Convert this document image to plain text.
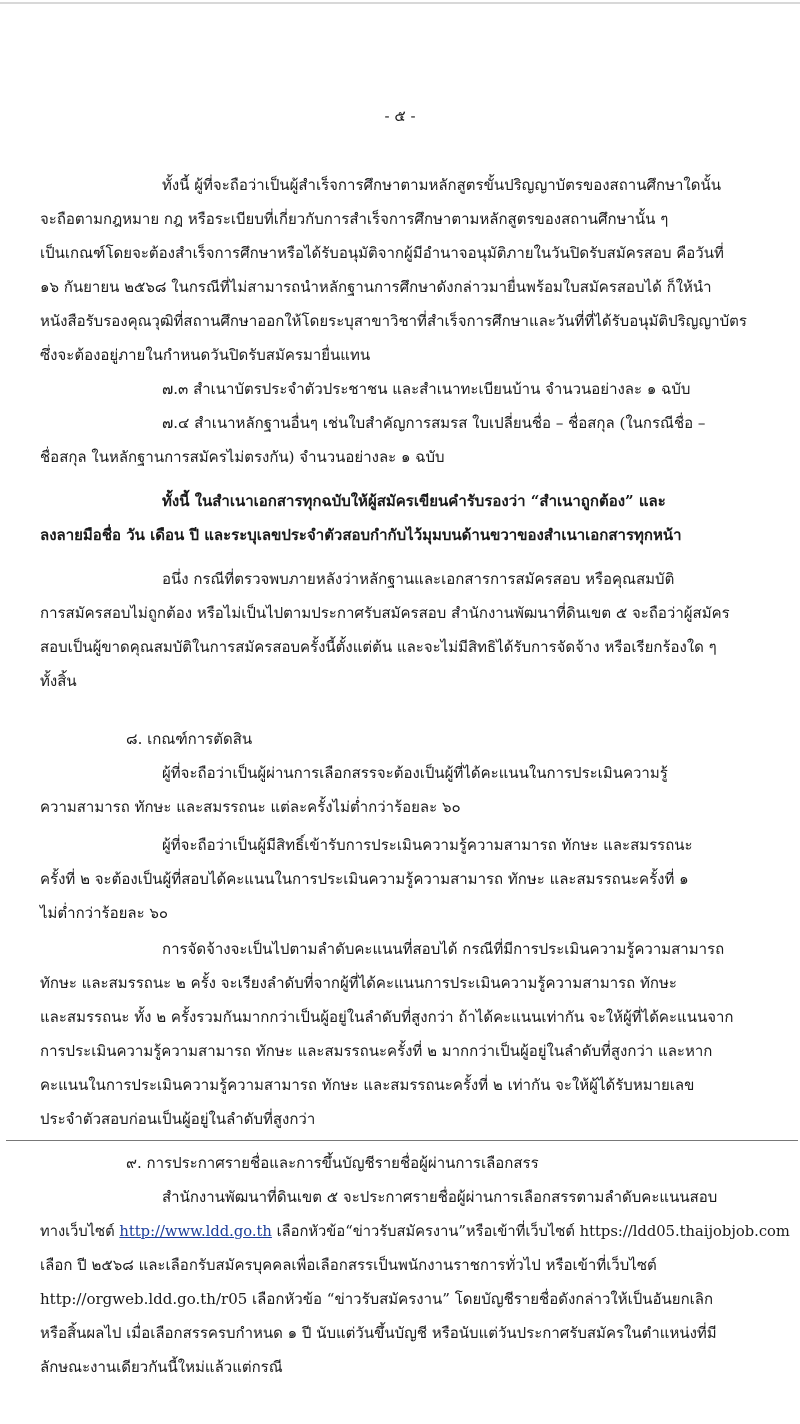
- ๕ -
ทั้งนี้ ผู้ที่จะถือว่าเป็นผู้สำเร็จการศึกษาตามหลักสูตรขั้นปริญญาบัตรของสถานศึกษาใดนั้น
จะถือตามกฎหมาย กฎ หรือระเบียบที่เกี่ยวกับการสำเร็จการศึกษาตามหลักสูตรของสถานศึกษานั้น ๆ
เป็นเกณฑ์โดยจะต้องสำเร็จการศึกษาหรือได้รับอนุมัติจากผู้มีอำนาจอนุมัติภายในวันปิดรับสมัครสอบ คือวันที่
๑๖ กันยายน ๒๕๖๘ ในกรณีที่ไม่สามารถนำหลักฐานการศึกษาดังกล่าวมายื่นพร้อมใบสมัครสอบได้ ก็ให้นำ
หนังสือรับรองคุณวุฒิที่สถานศึกษาออกให้โดยระบุสาขาวิชาที่สำเร็จการศึกษาและวันที่ที่ได้รับอนุมัติปริญญาบัตร
ซึ่งจะต้องอยู่ภายในกำหนดวันปิดรับสมัครมายื่นแทน
๗.๓ สำเนาบัตรประจำตัวประชาชน และสำเนาทะเบียนบ้าน จำนวนอย่างละ ๑ ฉบับ
๗.๔ สำเนาหลักฐานอื่นๆ เช่นใบสำคัญการสมรส ใบเปลี่ยนชื่อ – ชื่อสกุล (ในกรณีชื่อ –
ชื่อสกุล ในหลักฐานการสมัครไม่ตรงกัน) จำนวนอย่างละ ๑ ฉบับ
ทั้งนี้ ในสำเนาเอกสารทุกฉบับให้ผู้สมัครเขียนคำรับรองว่า “สำเนาถูกต้อง” และ
ลงลายมือชื่อ วัน เดือน ปี และระบุเลขประจำตัวสอบกำกับไว้มุมบนด้านขวาของสำเนาเอกสารทุกหน้า
อนึ่ง กรณีที่ตรวจพบภายหลังว่าหลักฐานและเอกสารการสมัครสอบ หรือคุณสมบัติ
การสมัครสอบไม่ถูกต้อง หรือไม่เป็นไปตามประกาศรับสมัครสอบ สำนักงานพัฒนาที่ดินเขต ๕ จะถือว่าผู้สมัคร
สอบเป็นผู้ขาดคุณสมบัติในการสมัครสอบครั้งนี้ตั้งแต่ต้น และจะไม่มีสิทธิได้รับการจัดจ้าง หรือเรียกร้องใด ๆ
ทั้งสิ้น
๘. เกณฑ์การตัดสิน
ผู้ที่จะถือว่าเป็นผู้ผ่านการเลือกสรรจะต้องเป็นผู้ที่ได้คะแนนในการประเมินความรู้
ความสามารถ ทักษะ และสมรรถนะ แต่ละครั้งไม่ต่ำกว่าร้อยละ ๖๐
ผู้ที่จะถือว่าเป็นผู้มีสิทธิ์เข้ารับการประเมินความรู้ความสามารถ ทักษะ และสมรรถนะ
ครั้งที่ ๒ จะต้องเป็นผู้ที่สอบได้คะแนนในการประเมินความรู้ความสามารถ ทักษะ และสมรรถนะครั้งที่ ๑
ไม่ต่ำกว่าร้อยละ ๖๐
การจัดจ้างจะเป็นไปตามลำดับคะแนนที่สอบได้ กรณีที่มีการประเมินความรู้ความสามารถ
ทักษะ และสมรรถนะ ๒ ครั้ง จะเรียงลำดับที่จากผู้ที่ได้คะแนนการประเมินความรู้ความสามารถ ทักษะ
และสมรรถนะ ทั้ง ๒ ครั้งรวมกันมากกว่าเป็นผู้อยู่ในลำดับที่สูงกว่า ถ้าได้คะแนนเท่ากัน จะให้ผู้ที่ได้คะแนนจาก
การประเมินความรู้ความสามารถ ทักษะ และสมรรถนะครั้งที่ ๒ มากกว่าเป็นผู้อยู่ในลำดับที่สูงกว่า และหาก
คะแนนในการประเมินความรู้ความสามารถ ทักษะ และสมรรถนะครั้งที่ ๒ เท่ากัน จะให้ผู้ได้รับหมายเลข
ประจำตัวสอบก่อนเป็นผู้อยู่ในลำดับที่สูงกว่า
๙. การประกาศรายชื่อและการขึ้นบัญชีรายชื่อผู้ผ่านการเลือกสรร
สำนักงานพัฒนาที่ดินเขต ๕ จะประกาศรายชื่อผู้ผ่านการเลือกสรรตามลำดับคะแนนสอบ
ทางเว็บไซต์ http://www.ldd.go.th เลือกหัวข้อ“ข่าวรับสมัครงาน”หรือเข้าที่เว็บไซต์ https://ldd05.thaijobjob.com
เลือก ปี ๒๕๖๘ และเลือกรับสมัครบุคคลเพื่อเลือกสรรเป็นพนักงานราชการทั่วไป หรือเข้าที่เว็บไซต์
http://orgweb.ldd.go.th/r05 เลือกหัวข้อ “ข่าวรับสมัครงาน” โดยบัญชีรายชื่อดังกล่าวให้เป็นอันยกเลิก
หรือสิ้นผลไป เมื่อเลือกสรรครบกำหนด ๑ ปี นับแต่วันขึ้นบัญชี หรือนับแต่วันประกาศรับสมัครในตำแหน่งที่มี
ลักษณะงานเดียวกันนี้ใหม่แล้วแต่กรณี
